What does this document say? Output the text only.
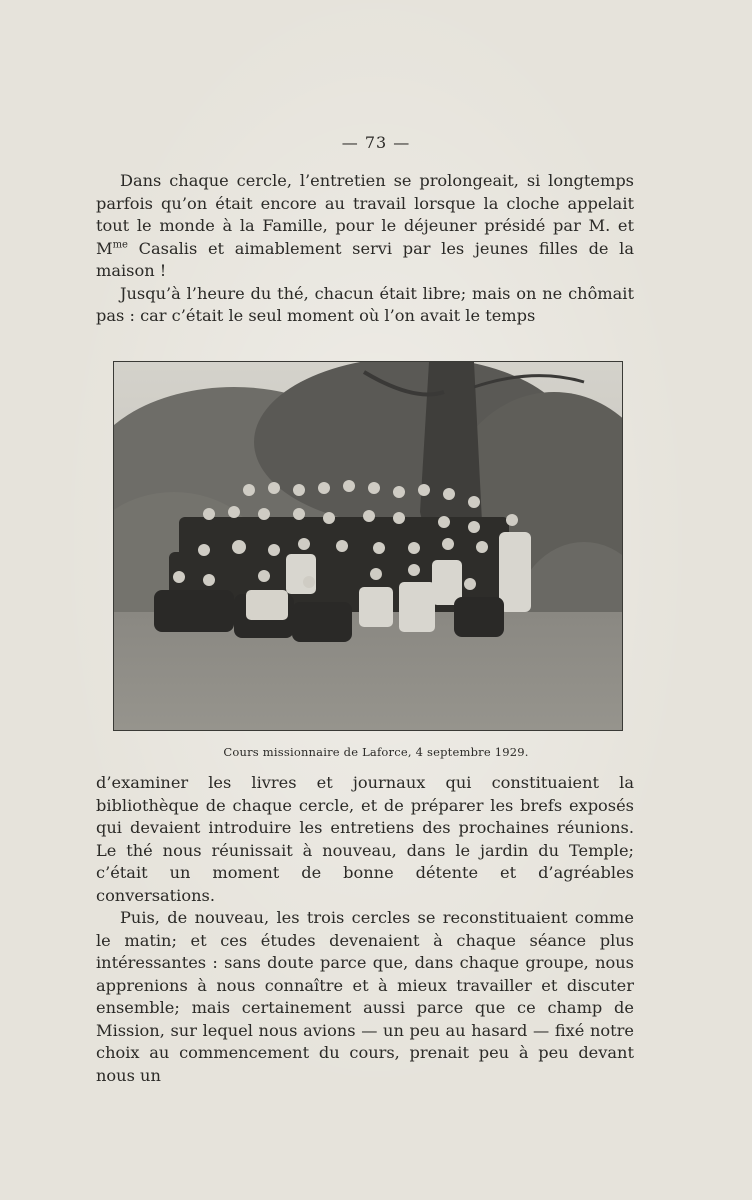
— 73 —

Dans chaque cercle, l’entretien se prolongeait, si longtemps parfois qu’on était encore au travail lorsque la cloche appelait tout le monde à la Famille, pour le déjeuner présidé par M. et $M^{me}$ Casalis et aimablement servi par les jeunes filles de la maison !

Jusqu’à l’heure du thé, chacun était libre; mais on ne chômait pas : car c’était le seul moment où l’on avait le temps

Cours missionnaire de Laforce, 4 septembre 1929.

d’examiner les livres et journaux qui constituaient la bibliothèque de chaque cercle, et de préparer les brefs exposés qui devaient introduire les entretiens des prochaines réunions. Le thé nous réunissait à nouveau, dans le jardin du Temple; c’était un moment de bonne détente et d’agréables conversations.

Puis, de nouveau, les trois cercles se reconstituaient comme le matin; et ces études devenaient à chaque séance plus intéressantes : sans doute parce que, dans chaque groupe, nous apprenions à nous connaître et à mieux travailler et discuter ensemble; mais certainement aussi parce que ce champ de Mission, sur lequel nous avions — un peu au hasard — fixé notre choix au commencement du cours, prenait peu à peu devant nous un
